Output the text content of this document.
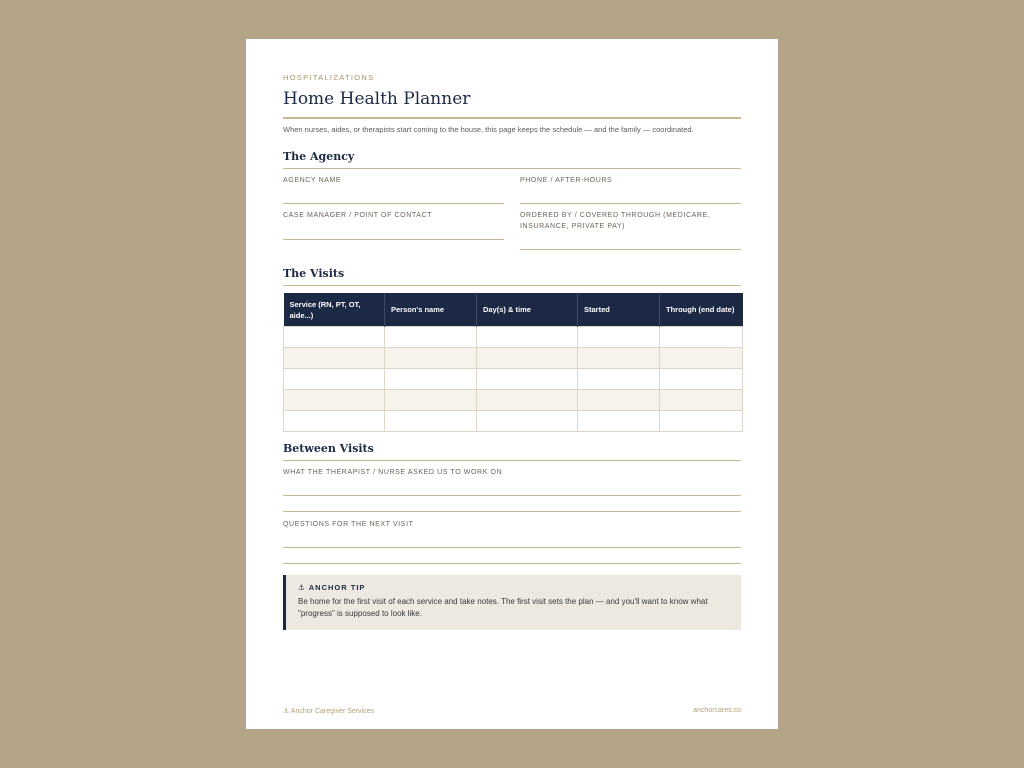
HOSPITALIZATIONS
Home Health Planner
When nurses, aides, or therapists start coming to the house, this page keeps the schedule — and the family — coordinated.
The Agency
AGENCY NAME	PHONE / AFTER-HOURS
CASE MANAGER / POINT OF CONTACT	ORDERED BY / COVERED THROUGH (MEDICARE, INSURANCE, PRIVATE PAY)
The Visits
Service (RN, PT, OT, aide...)	Person's name	Day(s) & time	Started	Through (end date)

Between Visits
WHAT THE THERAPIST / NURSE ASKED US TO WORK ON
QUESTIONS FOR THE NEXT VISIT
⚓ ANCHOR TIP
Be home for the first visit of each service and take notes. The first visit sets the plan — and you'll want to know what "progress" is supposed to look like.
⚓ Anchor Caregiver Services	anchorcares.co
